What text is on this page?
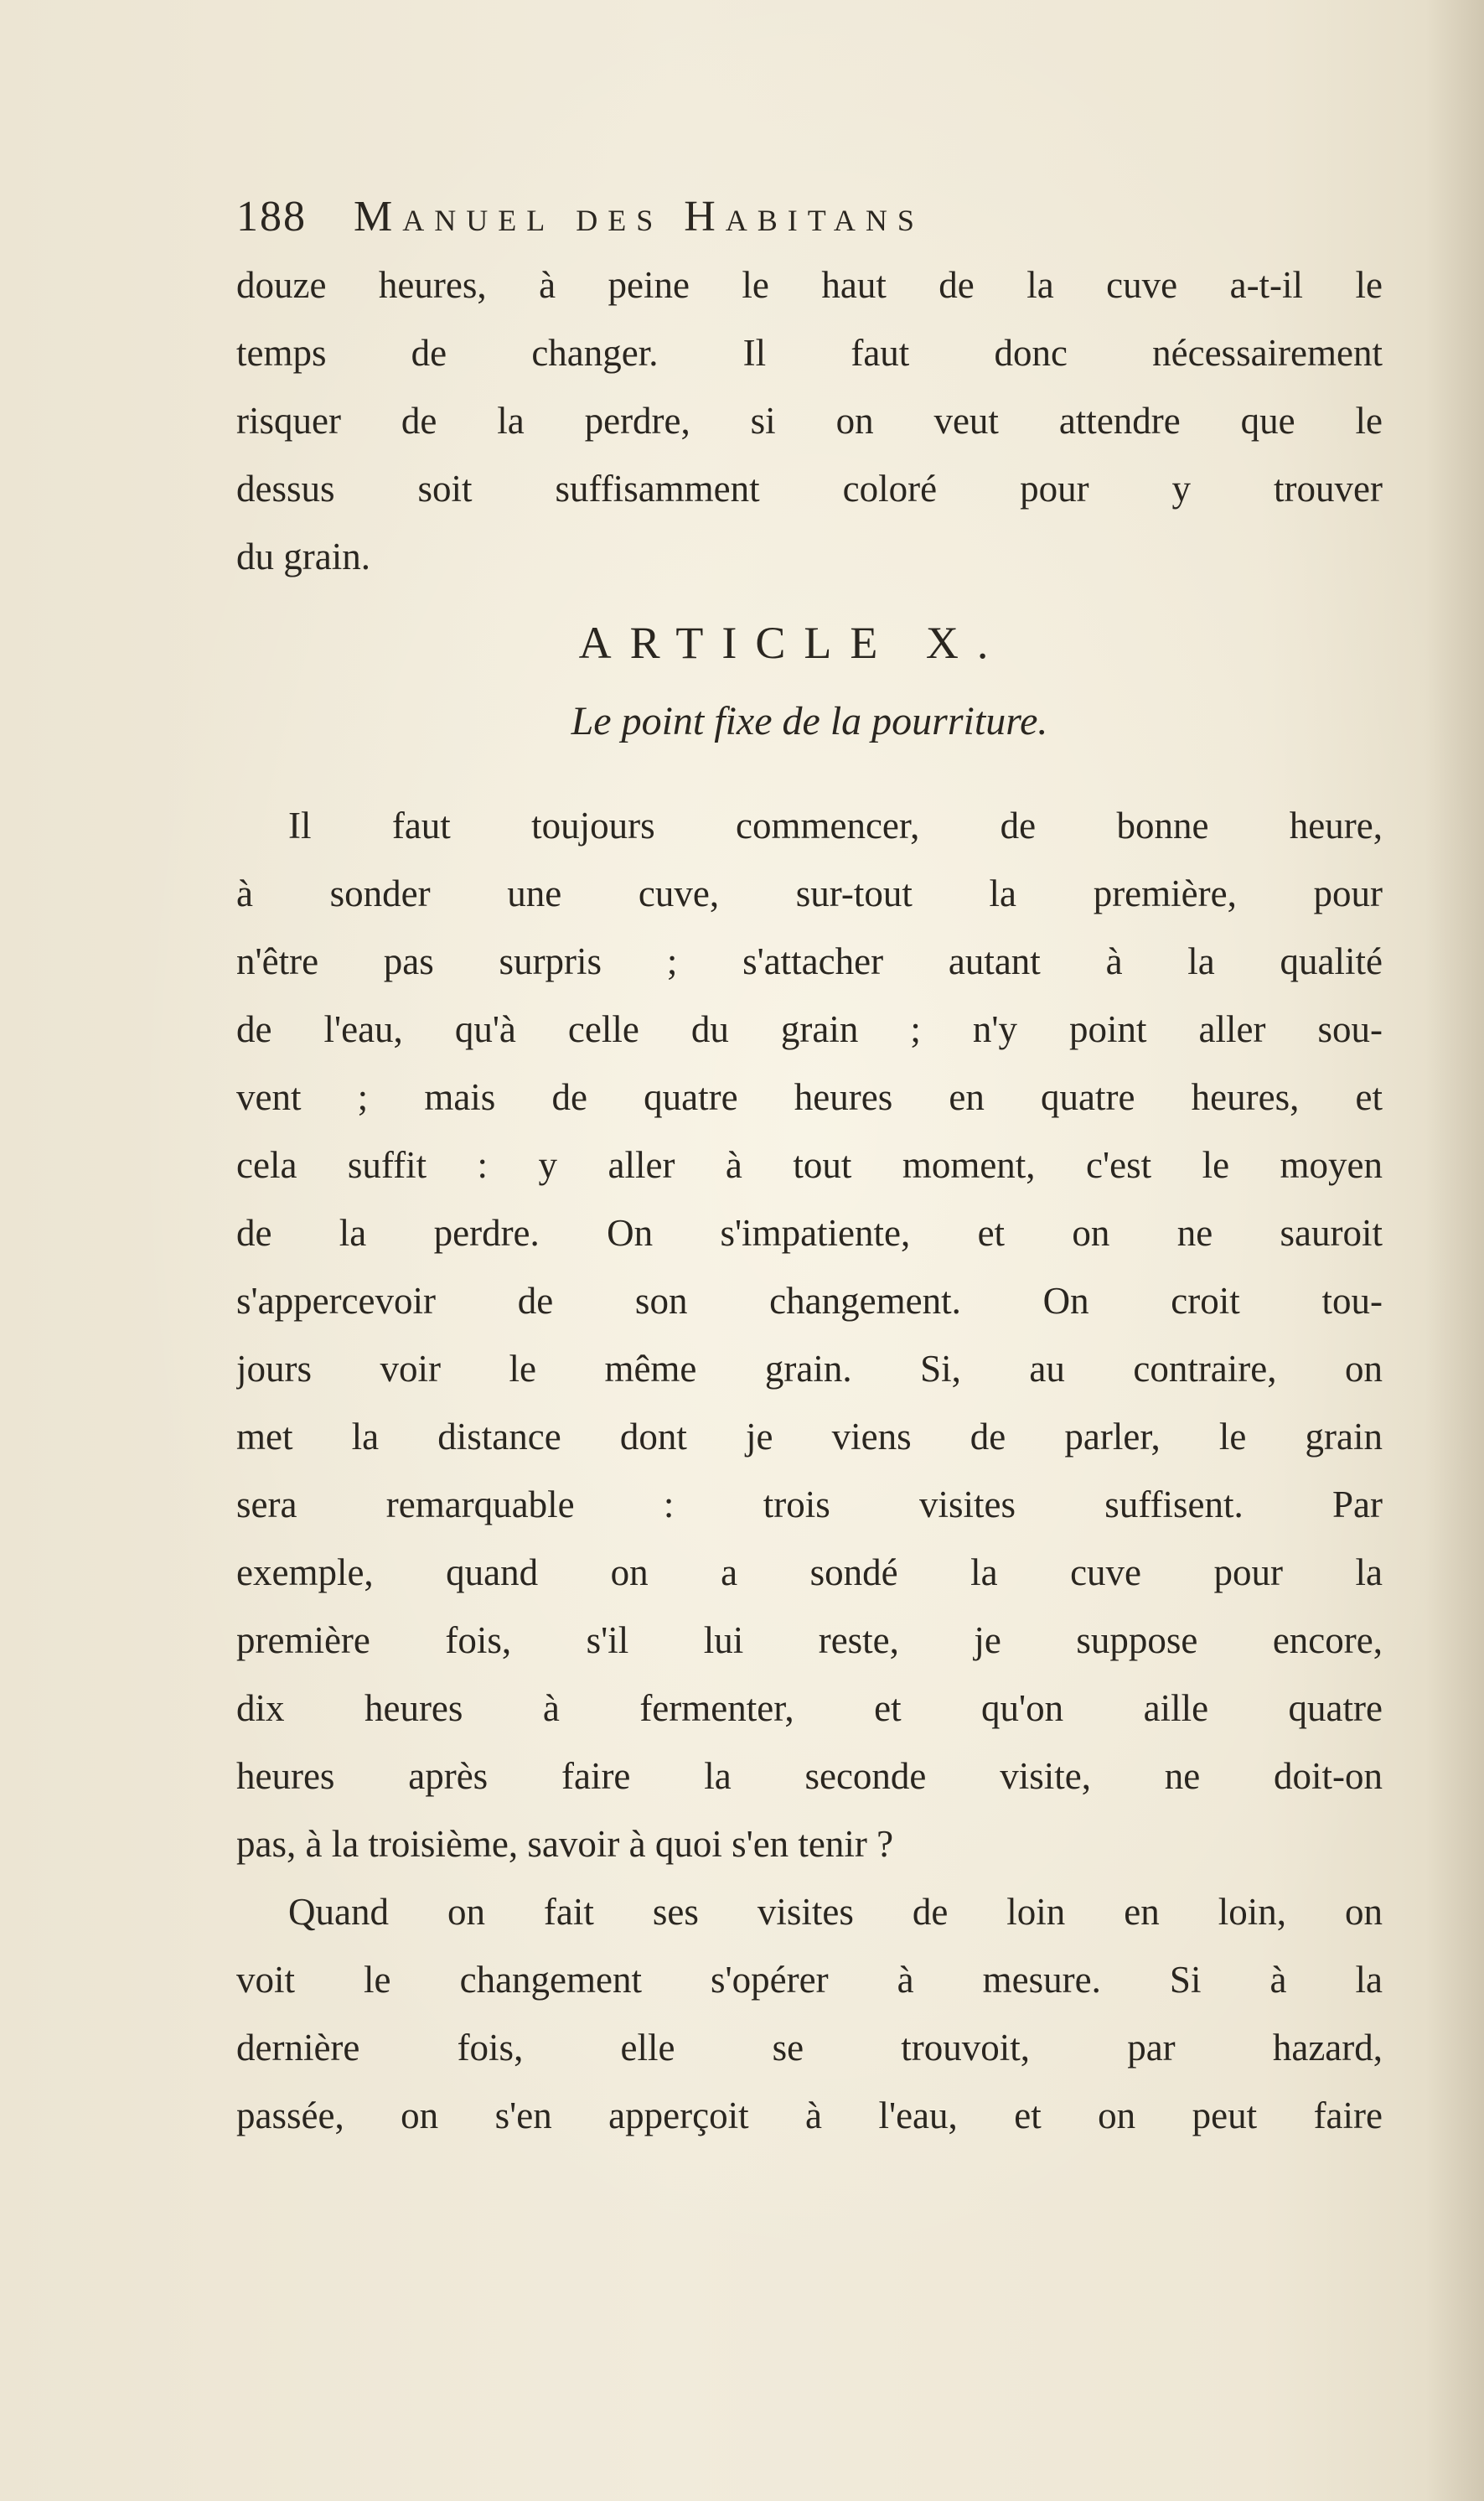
188	Manuel des Habitans
douze heures, à peine le haut de la cuve a-t-il le
temps de changer. Il faut donc nécessairement
risquer de la perdre, si on veut attendre que le
dessus soit suffisamment coloré pour y trouver
du grain.
ARTICLE X.
Le point fixe de la pourriture.
Il faut toujours commencer, de bonne heure,
à sonder une cuve, sur-tout la première, pour
n'être pas surpris ; s'attacher autant à la qualité
de l'eau, qu'à celle du grain ; n'y point aller sou-
vent ; mais de quatre heures en quatre heures, et
cela suffit : y aller à tout moment, c'est le moyen
de la perdre. On s'impatiente, et on ne sauroit
s'appercevoir de son changement. On croit tou-
jours voir le même grain. Si, au contraire, on
met la distance dont je viens de parler, le grain
sera remarquable : trois visites suffisent. Par
exemple, quand on a sondé la cuve pour la
première fois, s'il lui reste, je suppose encore,
dix heures à fermenter, et qu'on aille quatre
heures après faire la seconde visite, ne doit-on
pas, à la troisième, savoir à quoi s'en tenir ?
Quand on fait ses visites de loin en loin, on
voit le changement s'opérer à mesure. Si à la
dernière fois, elle se trouvoit, par hazard,
passée, on s'en apperçoit à l'eau, et on peut faire
